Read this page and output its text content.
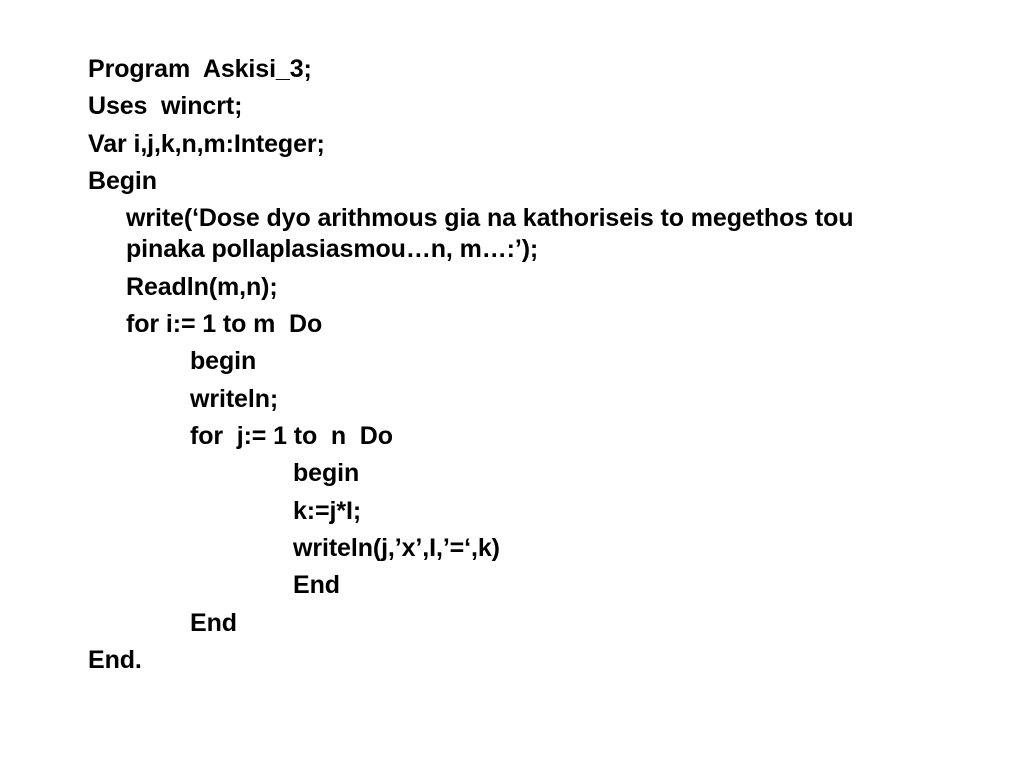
Program  Askisi_3;
Uses  wincrt;
Var i,j,k,n,m:Integer;
Begin
write(‘Dose dyo arithmous gia na kathoriseis to megethos tou pinaka pollaplasiasmou…n, m…:’);
Readln(m,n);
for i:= 1 to m  Do
begin
writeln;
for  j:= 1 to  n  Do
begin
k:=j*I;
writeln(j,’x’,I,’=‘,k)
End
End
End.
